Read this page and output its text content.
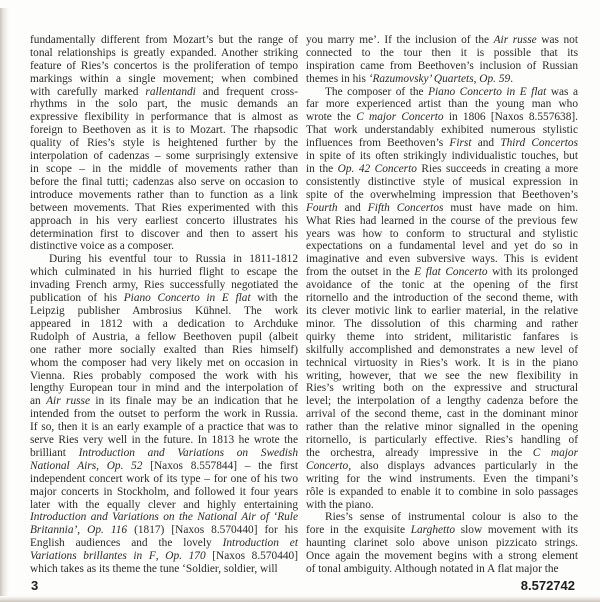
fundamentally different from Mozart’s but the range of
tonal relationships is greatly expanded. Another striking
feature of Ries’s concertos is the proliferation of tempo
markings within a single movement; when combined
with carefully marked rallentandi and frequent cross-
rhythms in the solo part, the music demands an
expressive flexibility in performance that is almost as
foreign to Beethoven as it is to Mozart. The rhapsodic
quality of Ries’s style is heightened further by the
interpolation of cadenzas – some surprisingly extensive
in scope – in the middle of movements rather than
before the final tutti; cadenzas also serve on occasion to
introduce movements rather than to function as a link
between movements. That Ries experimented with this
approach in his very earliest concerto illustrates his
determination first to discover and then to assert his
distinctive voice as a composer.

During his eventful tour to Russia in 1811-1812
which culminated in his hurried flight to escape the
invading French army, Ries successfully negotiated the
publication of his Piano Concerto in E flat with the
Leipzig publisher Ambrosius Kühnel. The work
appeared in 1812 with a dedication to Archduke
Rudolph of Austria, a fellow Beethoven pupil (albeit
one rather more socially exalted than Ries himself)
whom the composer had very likely met on occasion in
Vienna. Ries probably composed the work with his
lengthy European tour in mind and the interpolation of
an Air russe in its finale may be an indication that he
intended from the outset to perform the work in Russia.
If so, then it is an early example of a practice that was to
serve Ries very well in the future. In 1813 he wrote the
brilliant Introduction and Variations on Swedish
National Airs, Op. 52 [Naxos 8.557844] – the first
independent concert work of its type – for one of his two
major concerts in Stockholm, and followed it four years
later with the equally clever and highly entertaining
Introduction and Variations on the National Air of ‘Rule
Britannia’, Op. 116 (1817) [Naxos 8.570440] for his
English audiences and the lovely Introduction et
Variations brillantes in F, Op. 170 [Naxos 8.570440]
which takes as its theme the tune ‘Soldier, soldier, will

you marry me’. If the inclusion of the Air russe was not
connected to the tour then it is possible that its
inspiration came from Beethoven’s inclusion of Russian
themes in his ‘Razumovsky’ Quartets, Op. 59.

The composer of the Piano Concerto in E flat was a
far more experienced artist than the young man who
wrote the C major Concerto in 1806 [Naxos 8.557638].
That work understandably exhibited numerous stylistic
influences from Beethoven’s First and Third Concertos
in spite of its often strikingly individualistic touches, but
in the Op. 42 Concerto Ries succeeds in creating a more
consistently distinctive style of musical expression in
spite of the overwhelming impression that Beethoven’s
Fourth and Fifth Concertos must have made on him.
What Ries had learned in the course of the previous few
years was how to conform to structural and stylistic
expectations on a fundamental level and yet do so in
imaginative and even subversive ways. This is evident
from the outset in the E flat Concerto with its prolonged
avoidance of the tonic at the opening of the first
ritornello and the introduction of the second theme, with
its clever motivic link to earlier material, in the relative
minor. The dissolution of this charming and rather
quirky theme into strident, militaristic fanfares is
skilfully accomplished and demonstrates a new level of
technical virtuosity in Ries’s work. It is in the piano
writing, however, that we see the new flexibility in
Ries’s writing both on the expressive and structural
level; the interpolation of a lengthy cadenza before the
arrival of the second theme, cast in the dominant minor
rather than the relative minor signalled in the opening
ritornello, is particularly effective. Ries’s handling of
the orchestra, already impressive in the C major
Concerto, also displays advances particularly in the
writing for the wind instruments. Even the timpani’s
rôle is expanded to enable it to combine in solo passages
with the piano.

Ries’s sense of instrumental colour is also to the
fore in the exquisite Larghetto slow movement with its
haunting clarinet solo above unison pizzicato strings.
Once again the movement begins with a strong element
of tonal ambiguity. Although notated in A flat major the

3	8.572742
